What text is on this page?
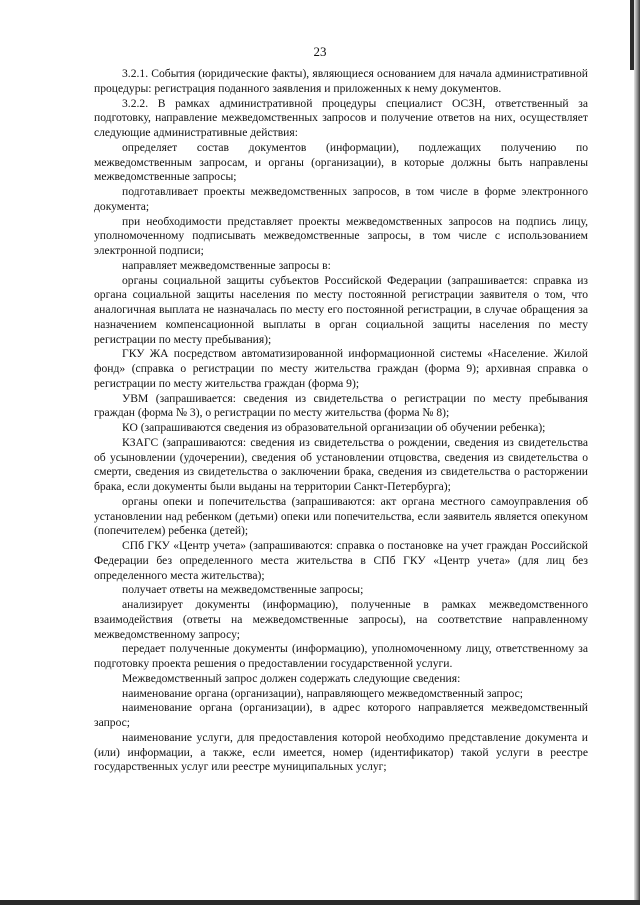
23

3.2.1. События (юридические факты), являющиеся основанием для начала административной процедуры: регистрация поданного заявления и приложенных к нему документов.

3.2.2. В рамках административной процедуры специалист ОСЗН, ответственный за подготовку, направление межведомственных запросов и получение ответов на них, осуществляет следующие административные действия:

определяет состав документов (информации), подлежащих получению по межведомственным запросам, и органы (организации), в которые должны быть направлены межведомственные запросы;

подготавливает проекты межведомственных запросов, в том числе в форме электронного документа;

при необходимости представляет проекты межведомственных запросов на подпись лицу, уполномоченному подписывать межведомственные запросы, в том числе с использованием электронной подписи;

направляет межведомственные запросы в:

органы социальной защиты субъектов Российской Федерации (запрашивается: справка из органа социальной защиты населения по месту постоянной регистрации заявителя о том, что аналогичная выплата не назначалась по месту его постоянной регистрации, в случае обращения за назначением компенсационной выплаты в орган социальной защиты населения по месту регистрации по месту пребывания);

ГКУ ЖА посредством автоматизированной информационной системы «Население. Жилой фонд» (справка о регистрации по месту жительства граждан (форма 9); архивная справка о регистрации по месту жительства граждан (форма 9);

УВМ (запрашивается: сведения из свидетельства о регистрации по месту пребывания граждан (форма № 3), о регистрации по месту жительства (форма № 8);

КО (запрашиваются сведения из образовательной организации об обучении ребенка);

КЗАГС (запрашиваются: сведения из свидетельства о рождении, сведения из свидетельства об усыновлении (удочерении), сведения об установлении отцовства, сведения из свидетельства о смерти, сведения из свидетельства о заключении брака, сведения из свидетельства о расторжении брака, если документы были выданы на территории Санкт-Петербурга);

органы опеки и попечительства (запрашиваются: акт органа местного самоуправления об установлении над ребенком (детьми) опеки или попечительства, если заявитель является опекуном (попечителем) ребенка (детей);

СПб ГКУ «Центр учета» (запрашиваются: справка о постановке на учет граждан Российской Федерации без определенного места жительства в СПб ГКУ «Центр учета» (для лиц без определенного места жительства);

получает ответы на межведомственные запросы;

анализирует документы (информацию), полученные в рамках межведомственного взаимодействия (ответы на межведомственные запросы), на соответствие направленному межведомственному запросу;

передает полученные документы (информацию), уполномоченному лицу, ответственному за подготовку проекта решения о предоставлении государственной услуги.

Межведомственный запрос должен содержать следующие сведения:

наименование органа (организации), направляющего межведомственный запрос;

наименование органа (организации), в адрес которого направляется межведомственный запрос;

наименование услуги, для предоставления которой необходимо представление документа и (или) информации, а также, если имеется, номер (идентификатор) такой услуги в реестре государственных услуг или реестре муниципальных услуг;
